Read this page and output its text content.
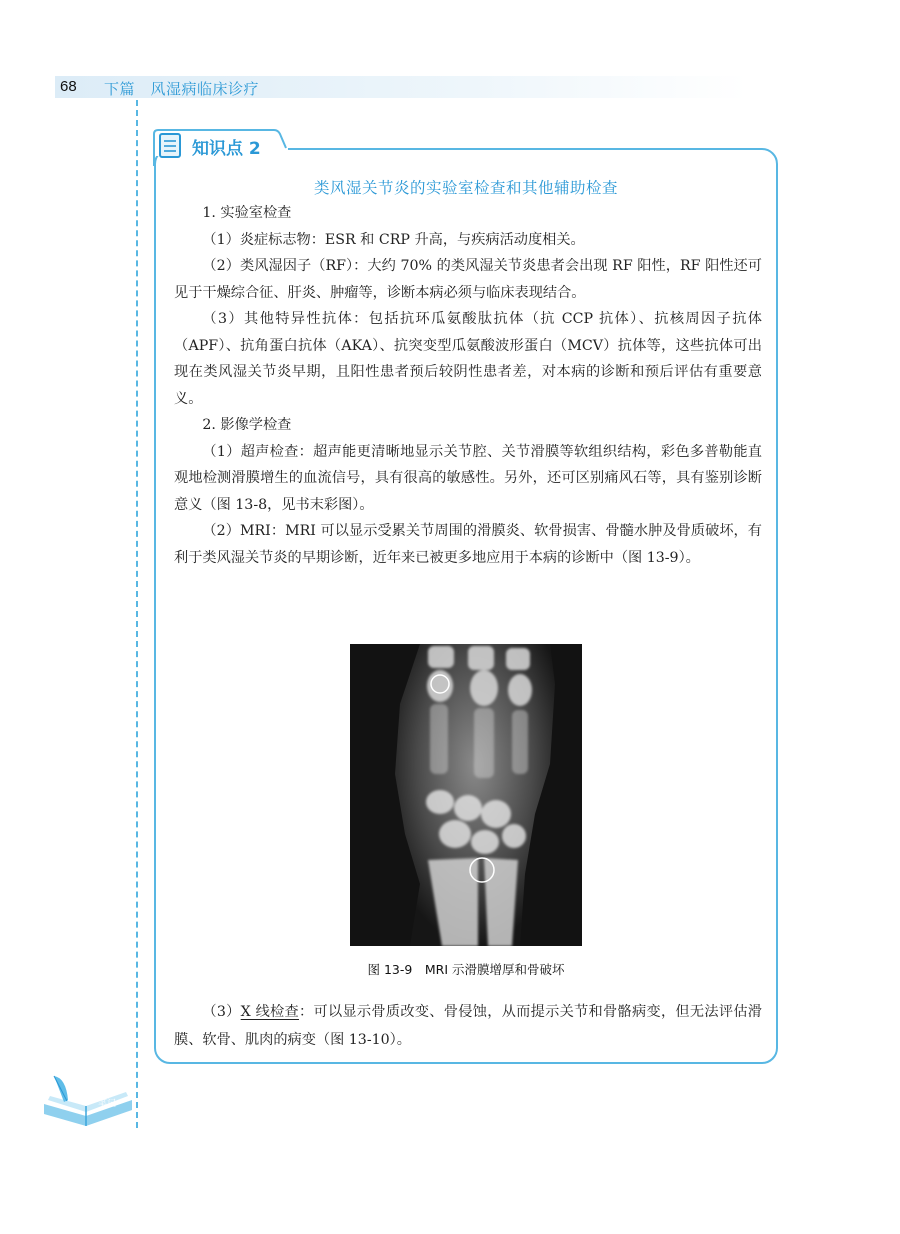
68 下篇　风湿病临床诊疗
笔记
知识点 2
类风湿关节炎的实验室检查和其他辅助检查

1. 实验室检查

（1）炎症标志物：ESR 和 CRP 升高，与疾病活动度相关。

（2）类风湿因子（RF）：大约 70% 的类风湿关节炎患者会出现 RF 阳性，RF 阳性还可见于干燥综合征、肝炎、肿瘤等，诊断本病必须与临床表现结合。

（3）其他特异性抗体：包括抗环瓜氨酸肽抗体（抗 CCP 抗体）、抗核周因子抗体（APF）、抗角蛋白抗体（AKA）、抗突变型瓜氨酸波形蛋白（MCV）抗体等，这些抗体可出现在类风湿关节炎早期，且阳性患者预后较阴性患者差，对本病的诊断和预后评估有重要意义。

2. 影像学检查

（1）超声检查：超声能更清晰地显示关节腔、关节滑膜等软组织结构，彩色多普勒能直观地检测滑膜增生的血流信号，具有很高的敏感性。另外，还可区别痛风石等，具有鉴别诊断意义（图 13-8，见书末彩图）。

（2）MRI：MRI 可以显示受累关节周围的滑膜炎、软骨损害、骨髓水肿及骨质破坏，有利于类风湿关节炎的早期诊断，近年来已被更多地应用于本病的诊断中（图 13-9）。

图 13-9　MRI 示滑膜增厚和骨破坏

（3）X 线检查：可以显示骨质改变、骨侵蚀，从而提示关节和骨骼病变，但无法评估滑膜、软骨、肌肉的病变（图 13-10）。
